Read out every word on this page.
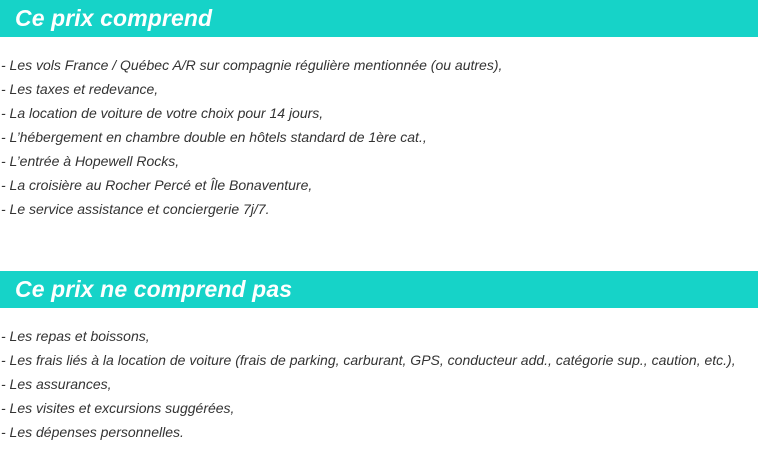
Ce prix comprend
- Les vols France / Québec A/R sur compagnie régulière mentionnée (ou autres),
- Les taxes et redevance,
- La location de voiture de votre choix pour 14 jours,
- L’hébergement en chambre double en hôtels standard de 1ère cat.,
- L’entrée à Hopewell Rocks,
- La croisière au Rocher Percé et Île Bonaventure,
- Le service assistance et conciergerie 7j/7.
Ce prix ne comprend pas
- Les repas et boissons,
- Les frais liés à la location de voiture (frais de parking, carburant, GPS, conducteur add., catégorie sup., caution, etc.),
- Les assurances,
- Les visites et excursions suggérées,
- Les dépenses personnelles.
